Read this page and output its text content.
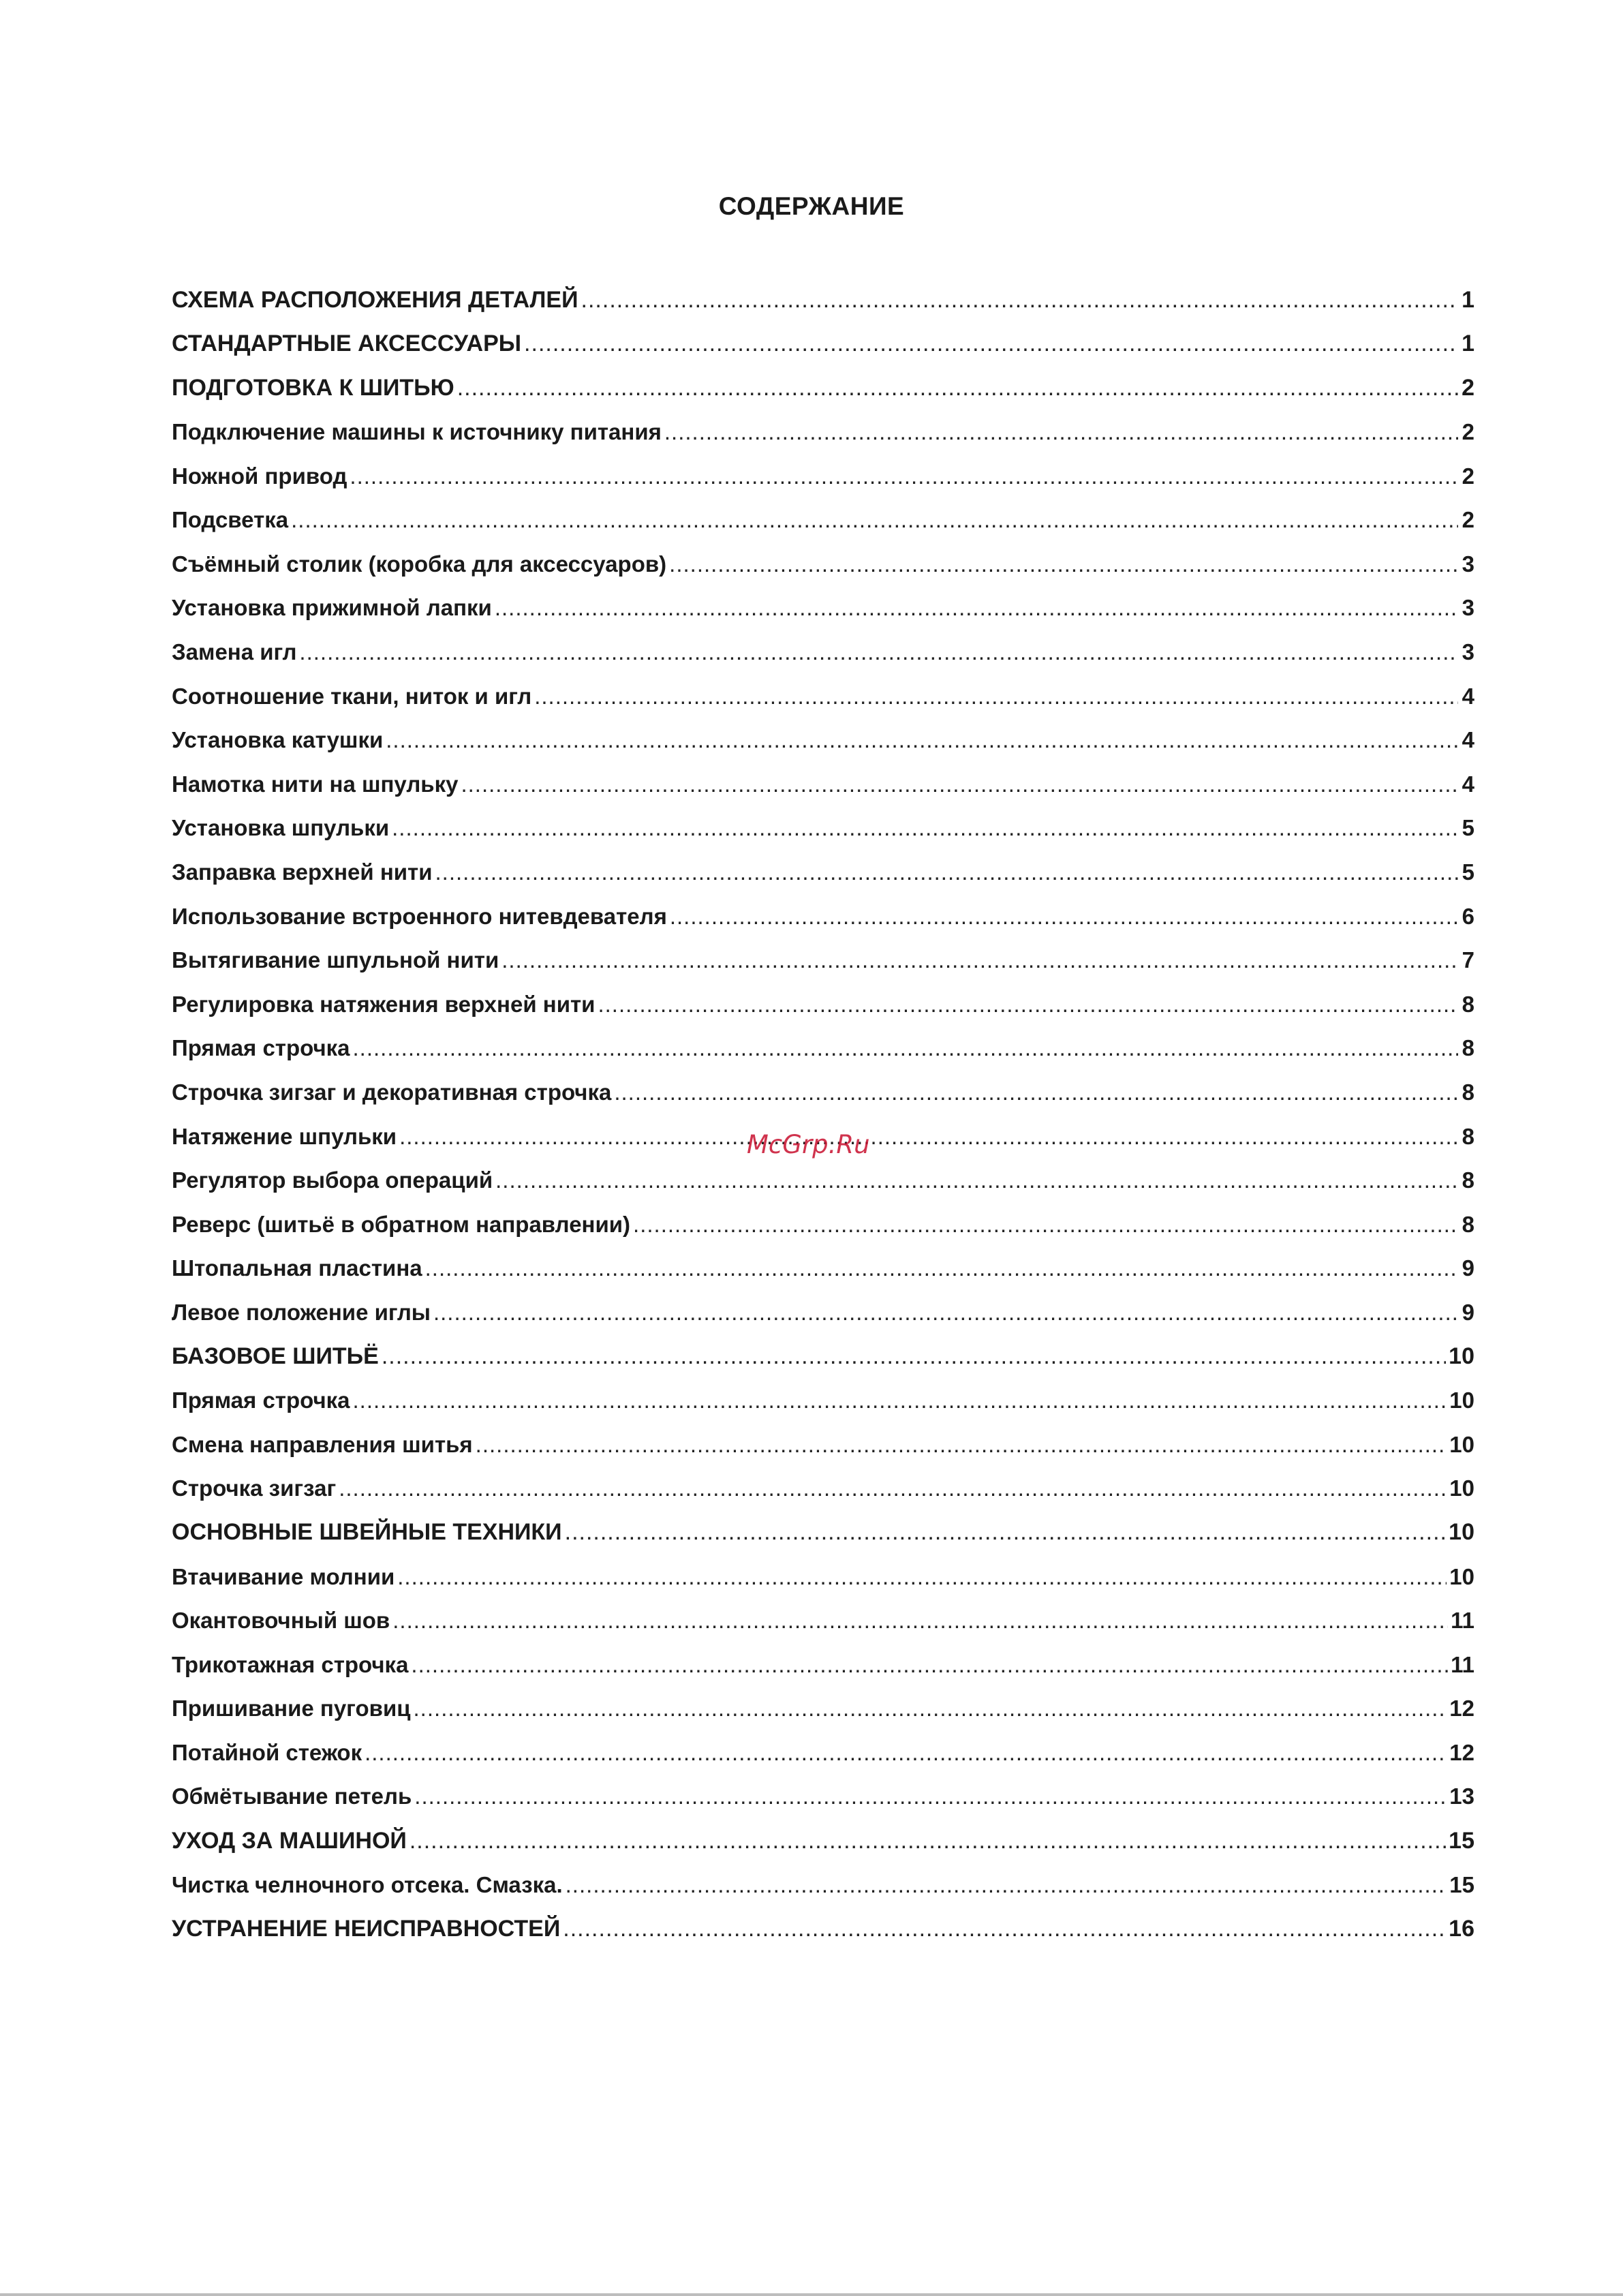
СОДЕРЖАНИЕ
СХЕМА РАСПОЛОЖЕНИЯ ДЕТАЛЕЙ .....	1
СТАНДАРТНЫЕ АКСЕССУАРЫ .....	1
ПОДГОТОВКА К ШИТЬЮ .....	2
Подключение машины к источнику питания .....	2
Ножной привод .....	2
Подсветка .....	2
Съёмный столик (коробка для аксессуаров) .....	3
Установка прижимной лапки .....	3
Замена игл .....	3
Соотношение ткани, ниток и игл .....	4
Установка катушки .....	4
Намотка нити на шпульку .....	4
Установка шпульки .....	5
Заправка верхней нити .....	5
Использование встроенного нитевдевателя .....	6
Вытягивание шпульной нити .....	7
Регулировка натяжения верхней нити .....	8
Прямая строчка .....	8
Строчка зигзаг и декоративная строчка .....	8
Натяжение шпульки .....	8
Регулятор выбора операций .....	8
Реверс (шитьё в обратном направлении) .....	8
Штопальная пластина .....	9
Левое положение иглы .....	9
БАЗОВОЕ ШИТЬЁ .....	10
Прямая строчка .....	10
Смена направления шитья .....	10
Строчка зигзаг .....	10
ОСНОВНЫЕ ШВЕЙНЫЕ ТЕХНИКИ .....	10
Втачивание молнии .....	10
Окантовочный шов .....	11
Трикотажная строчка .....	11
Пришивание пуговиц .....	12
Потайной стежок .....	12
Обмётывание петель .....	13
УХОД ЗА МАШИНОЙ .....	15
Чистка челночного отсека. Смазка. .....	15
УСТРАНЕНИЕ НЕИСПРАВНОСТЕЙ .....	16
McGrp.Ru
